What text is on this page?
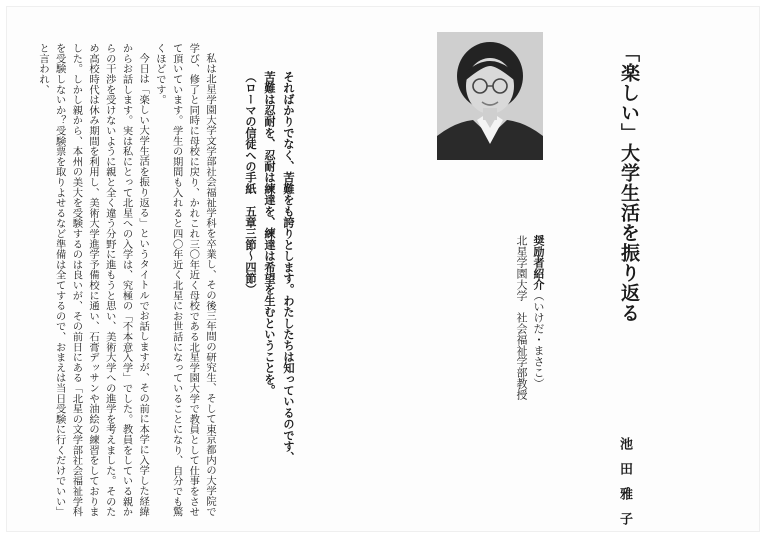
「楽しい」大学生活を振り返る
池田雅子
奨励者紹介（いけだ・まさこ）
北星学園大学　社会福祉学部教授
そればかりでなく、苦難をも誇りとします。わたしたちは知っているのです、
苦難は忍耐を、忍耐は練達を、練達は希望を生むということを。
（ローマの信徒への手紙　五章三節〜四節）

私は北星学園大学文学部社会福祉学科を卒業し、その後三年間の研究生、そして東京都内の大学院で学び、修了と同時に母校に戻り、かれこれ三〇年近く母校である北星学園大学で教員として仕事をさせて頂いています。学生の期間も入れると四〇年近く北星にお世話になっていることになり、自分でも驚くほどです。

今日は「楽しい大学生活を振り返る」というタイトルでお話しますが、その前に本学に入学した経緯からお話します。実は私にとって北星への入学は、究極の「不本意入学」でした。教員をしている親からの干渉を受けないように親と全く違う分野に進もうと思い、美術大学への進学を考えました。そのため高校時代は休み期間を利用し、美術大学進学予備校に通い、石膏デッサンや油絵の練習をしておりました。しかし親から、本州の美大を受験するのは良いが、その前日にある「北星の文学部社会福祉学科を受験しないか？受験票を取りよせるなど準備は全てするので、おまえは当日受験に行くだけでいい」と言われ、
